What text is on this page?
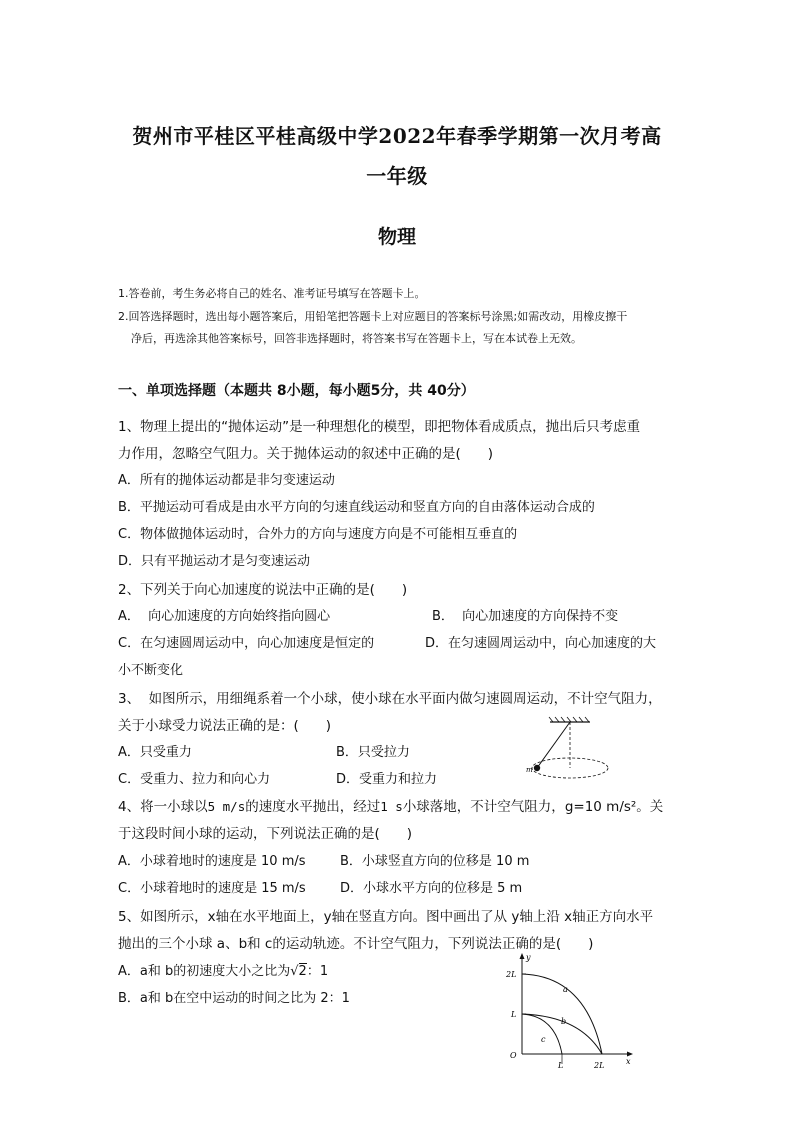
贺州市平桂区平桂高级中学2022年春季学期第一次月考高
一年级
物理
1.答卷前，考生务必将自己的姓名、准考证号填写在答题卡上。
2.回答选择题时，选出每小题答案后，用铅笔把答题卡上对应题目的答案标号涂黑;如需改动，用橡皮擦干
净后，再选涂其他答案标号，回答非选择题时，将答案书写在答题卡上，写在本试卷上无效。
一、单项选择题（本题共 8小题，每小题5分，共 40分）
1、物理上提出的“抛体运动”是一种理想化的模型，即把物体看成质点，抛出后只考虑重
力作用，忽略空气阻力。关于抛体运动的叙述中正确的是(　　)
A．所有的抛体运动都是非匀变速运动
B．平抛运动可看成是由水平方向的匀速直线运动和竖直方向的自由落体运动合成的
C．物体做抛体运动时，合外力的方向与速度方向是不可能相互垂直的
D．只有平抛运动才是匀变速运动
2、下列关于向心加速度的说法中正确的是(　　)
A．  向心加速度的方向始终指向圆心	B．  向心加速度的方向保持不变
C．在匀速圆周运动中，向心加速度是恒定的	D．在匀速圆周运动中，向心加速度的大
小不断变化
3、  如图所示，用细绳系着一个小球，使小球在水平面内做匀速圆周运动，不计空气阻力，
关于小球受力说法正确的是：(　　)
A．只受重力	B．只受拉力
C．受重力、拉力和向心力	D．受重力和拉力
m
4、将一小球以5 m/s的速度水平抛出，经过1 s小球落地，不计空气阻力，g=10 m/s²。关
于这段时间小球的运动，下列说法正确的是(　　)
A．小球着地时的速度是 10 m/s	B．小球竖直方向的位移是 10 m
C．小球着地时的速度是 15 m/s	D．小球水平方向的位移是 5 m
5、如图所示，x轴在水平地面上，y轴在竖直方向。图中画出了从 y轴上沿 x轴正方向水平
抛出的三个小球 a、b和 c的运动轨迹。不计空气阻力，下列说法正确的是(　　)
A．a和 b的初速度大小之比为√2：1
B．a和 b在空中运动的时间之比为 2：1
y
x
O
2L
L
L	2L
a
b
c
